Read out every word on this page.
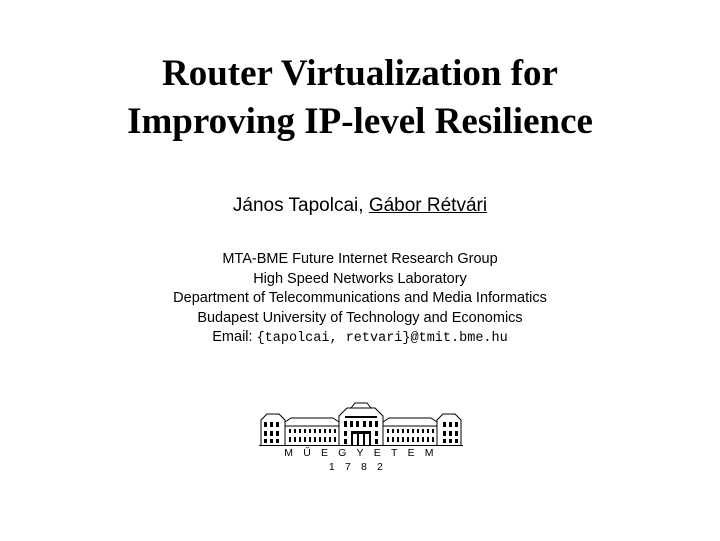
Router Virtualization for
Improving IP-level Resilience
János Tapolcai, Gábor Rétvári
MTA-BME Future Internet Research Group
High Speed Networks Laboratory
Department of Telecommunications and Media Informatics
Budapest University of Technology and Economics
Email: {tapolcai, retvari}@tmit.bme.hu
MŰEGYETEM 1782
